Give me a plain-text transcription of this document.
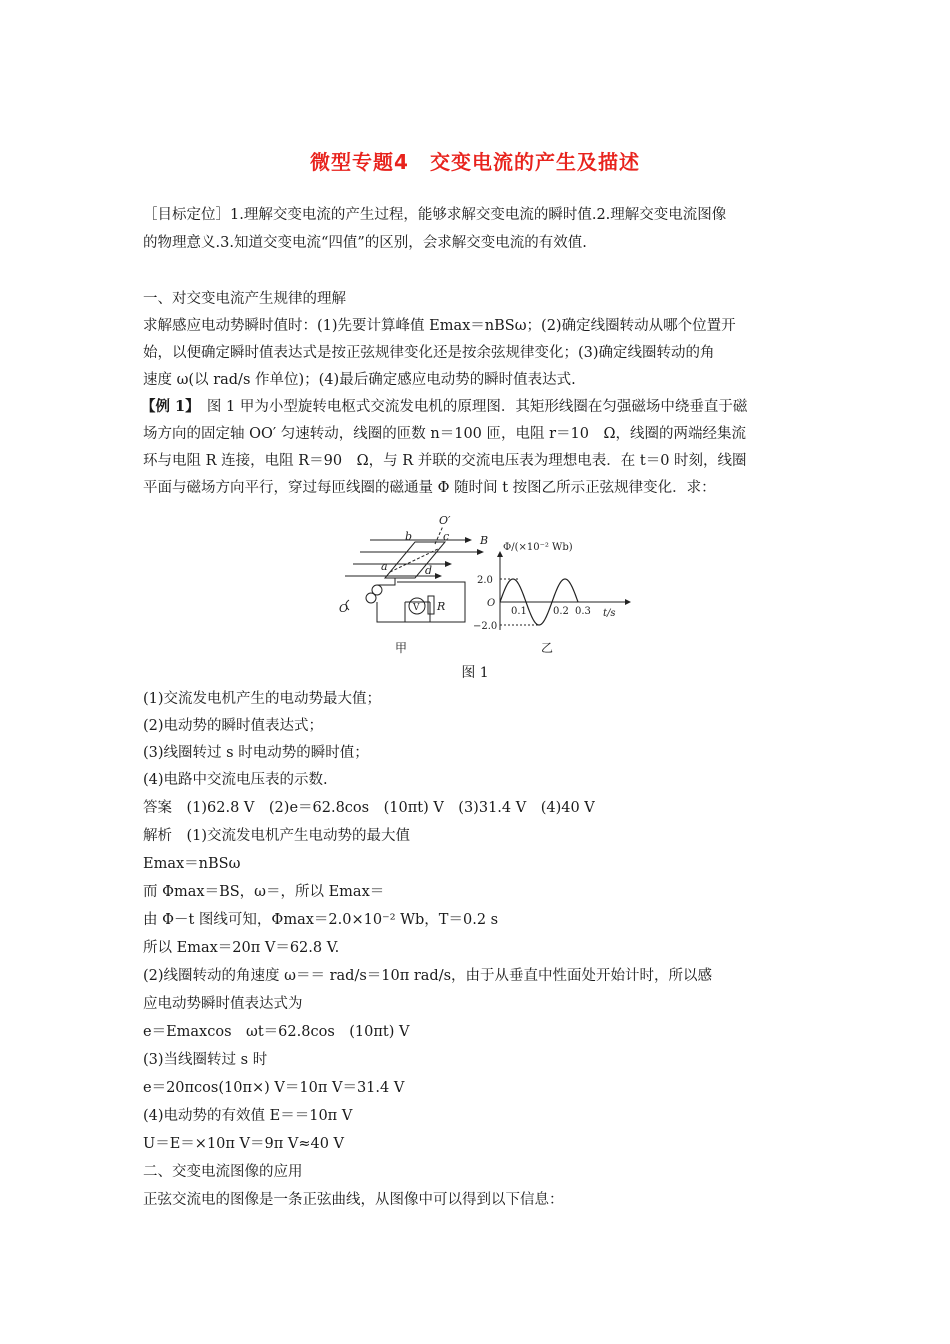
微型专题4　交变电流的产生及描述
［目标定位］1.理解交变电流的产生过程，能够求解交变电流的瞬时值.2.理解交变电流图像
的物理意义.3.知道交变电流“四值”的区别，会求解交变电流的有效值.
一、对交变电流产生规律的理解
求解感应电动势瞬时值时：(1)先要计算峰值 Emax＝nBSω；(2)确定线圈转动从哪个位置开
始，以便确定瞬时值表达式是按正弦规律变化还是按余弦规律变化；(3)确定线圈转动的角
速度 ω(以 rad/s 作单位)；(4)最后确定感应电动势的瞬时值表达式.
【例 1】　图 1 甲为小型旋转电枢式交流发电机的原理图．其矩形线圈在匀强磁场中绕垂直于磁
场方向的固定轴 OO′ 匀速转动，线圈的匝数 n＝100 匝，电阻 r＝10　Ω，线圈的两端经集流
环与电阻 R 连接，电阻 R＝90　Ω，与 R 并联的交流电压表为理想电表．在 t＝0 时刻，线圈
平面与磁场方向平行，穿过每匝线圈的磁通量 Φ 随时间 t 按图乙所示正弦规律变化．求：
O′
B
b	c
a	d
O	V R
甲
Φ/(×10⁻² Wb)
t/s
2.0
O
−2.0
0.1	0.2 0.3
乙
图 1
(1)交流发电机产生的电动势最大值；
(2)电动势的瞬时值表达式；
(3)线圈转过 s 时电动势的瞬时值；
(4)电路中交流电压表的示数.
答案　(1)62.8 V　(2)e＝62.8cos　(10πt) V　(3)31.4 V　(4)40 V
解析　(1)交流发电机产生电动势的最大值
Emax＝nBSω
而 Φmax＝BS，ω＝，所以 Emax＝
由 Φ－t 图线可知，Φmax＝2.0×10⁻² Wb，T＝0.2 s
所以 Emax＝20π V＝62.8 V.
(2)线圈转动的角速度 ω＝＝ rad/s＝10π rad/s，由于从垂直中性面处开始计时，所以感
应电动势瞬时值表达式为
e＝Emaxcos　ωt＝62.8cos　(10πt) V
(3)当线圈转过 s 时
e＝20πcos(10π×) V＝10π V＝31.4 V
(4)电动势的有效值 E＝＝10π V
U＝E＝×10π V＝9π V≈40 V
二、交变电流图像的应用
正弦交流电的图像是一条正弦曲线，从图像中可以得到以下信息：
